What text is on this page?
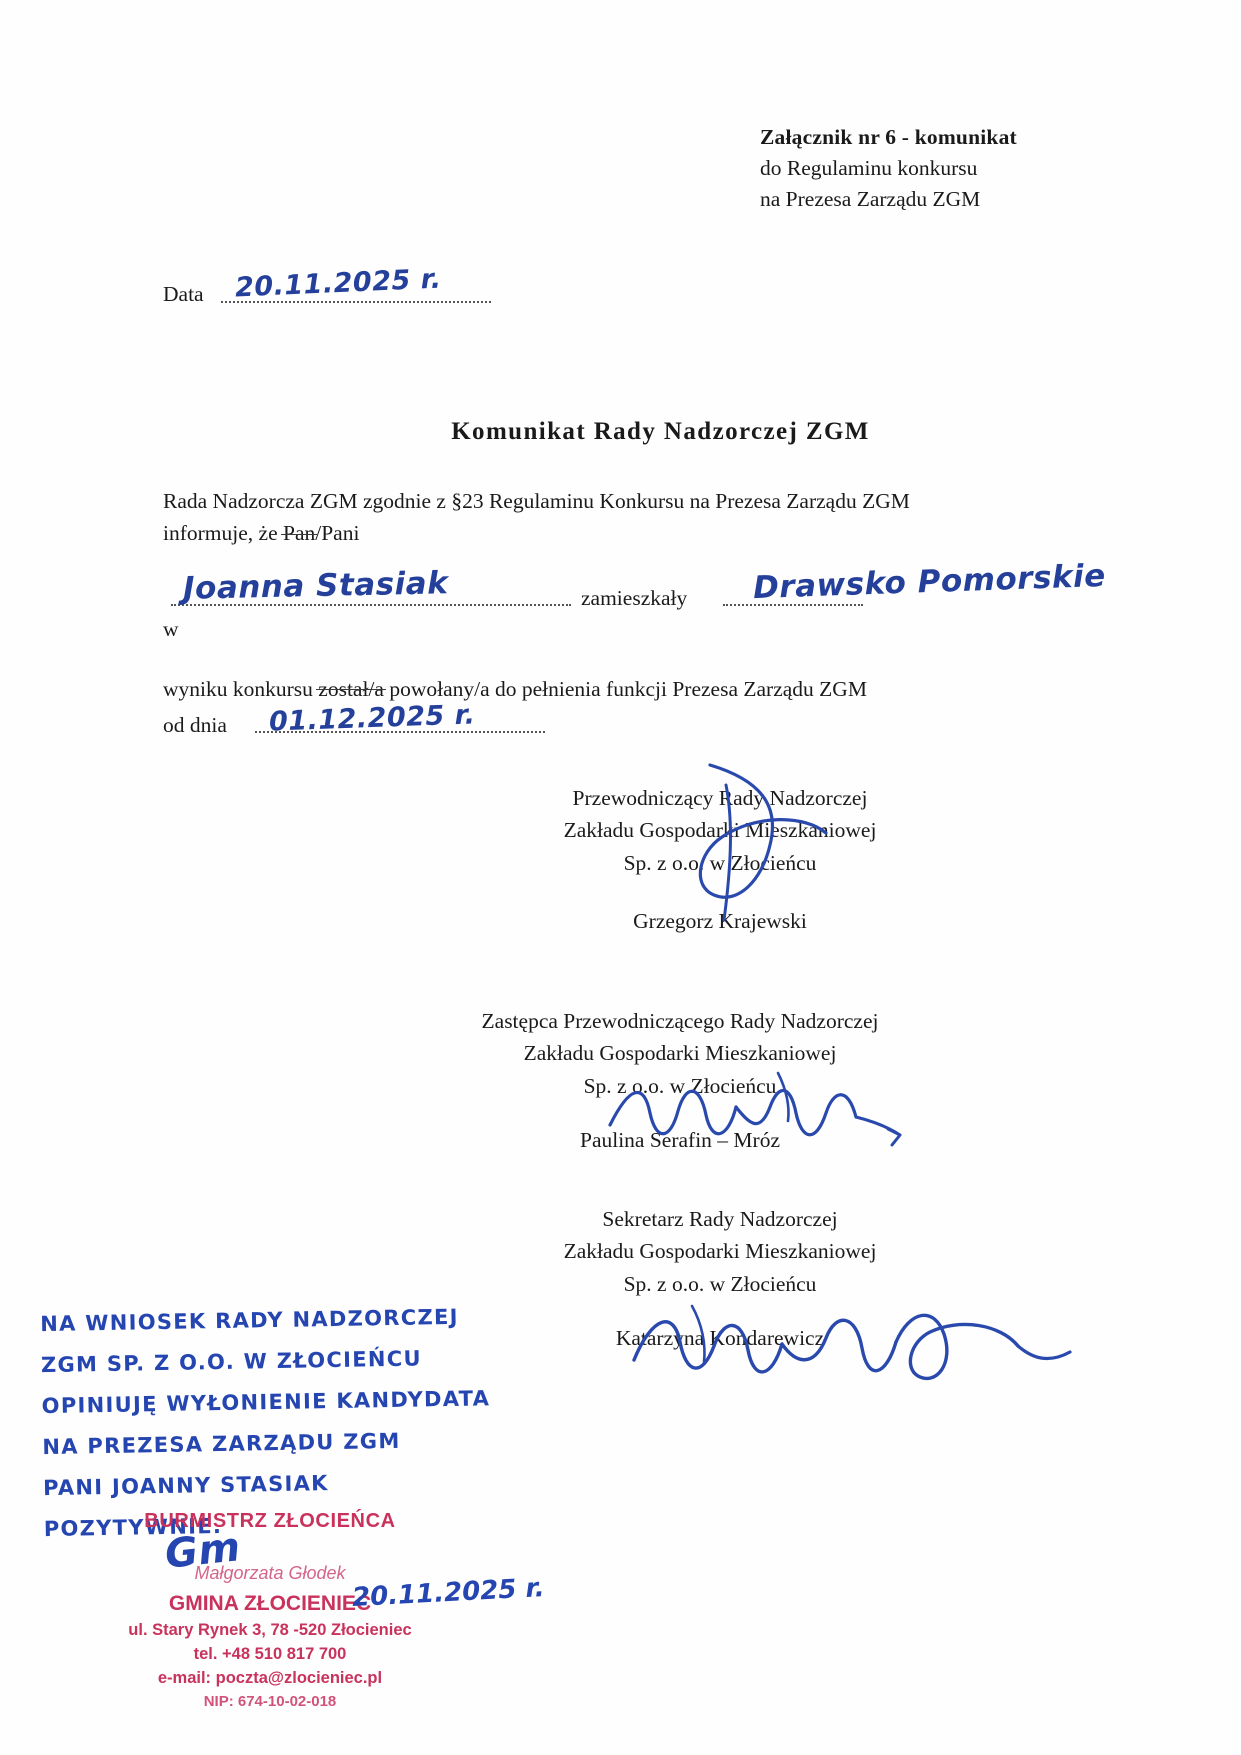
Załącznik nr 6 - komunikat
do Regulaminu konkursu
na Prezesa Zarządu ZGM
Data 20.11.2025 r.
Komunikat Rady Nadzorczej ZGM
Rada Nadzorcza ZGM zgodnie z §23 Regulaminu Konkursu na Prezesa Zarządu ZGM
informuje, że Pan/Pani
zamieszkały
Joanna Stasiak	Drawsko Pomorskie
w
wyniku konkursu został/a powołany/a do pełnienia funkcji Prezesa Zarządu ZGM
od dnia 01.12.2025 r.
Przewodniczący Rady Nadzorczej
Zakładu Gospodarki Mieszkaniowej
Sp. z o.o. w Złocieńcu
Grzegorz Krajewski
Zastępca Przewodniczącego Rady Nadzorczej
Zakładu Gospodarki Mieszkaniowej
Sp. z o.o. w Złocieńcu
Paulina Serafin – Mróz
Sekretarz Rady Nadzorczej
Zakładu Gospodarki Mieszkaniowej
Sp. z o.o. w Złocieńcu
Katarzyna Kondarewicz
NA WNIOSEK RADY NADZORCZEJ
ZGM SP. Z O.O. W ZŁOCIEŃCU
OPINIUJĘ WYŁONIENIE KANDYDATA
NA PREZESA ZARZĄDU ZGM
PANI JOANNY STASIAK
POZYTYWNIE.
BURMISTRZ ZŁOCIEŃCA
Małgorzata Głodek
GMINA ZŁOCIENIEC
ul. Stary Rynek 3, 78 -520 Złocieniec
tel. +48 510 817 700
e-mail: poczta@zlocieniec.pl
NIP: 674-10-02-018
Gm
20.11.2025 r.
